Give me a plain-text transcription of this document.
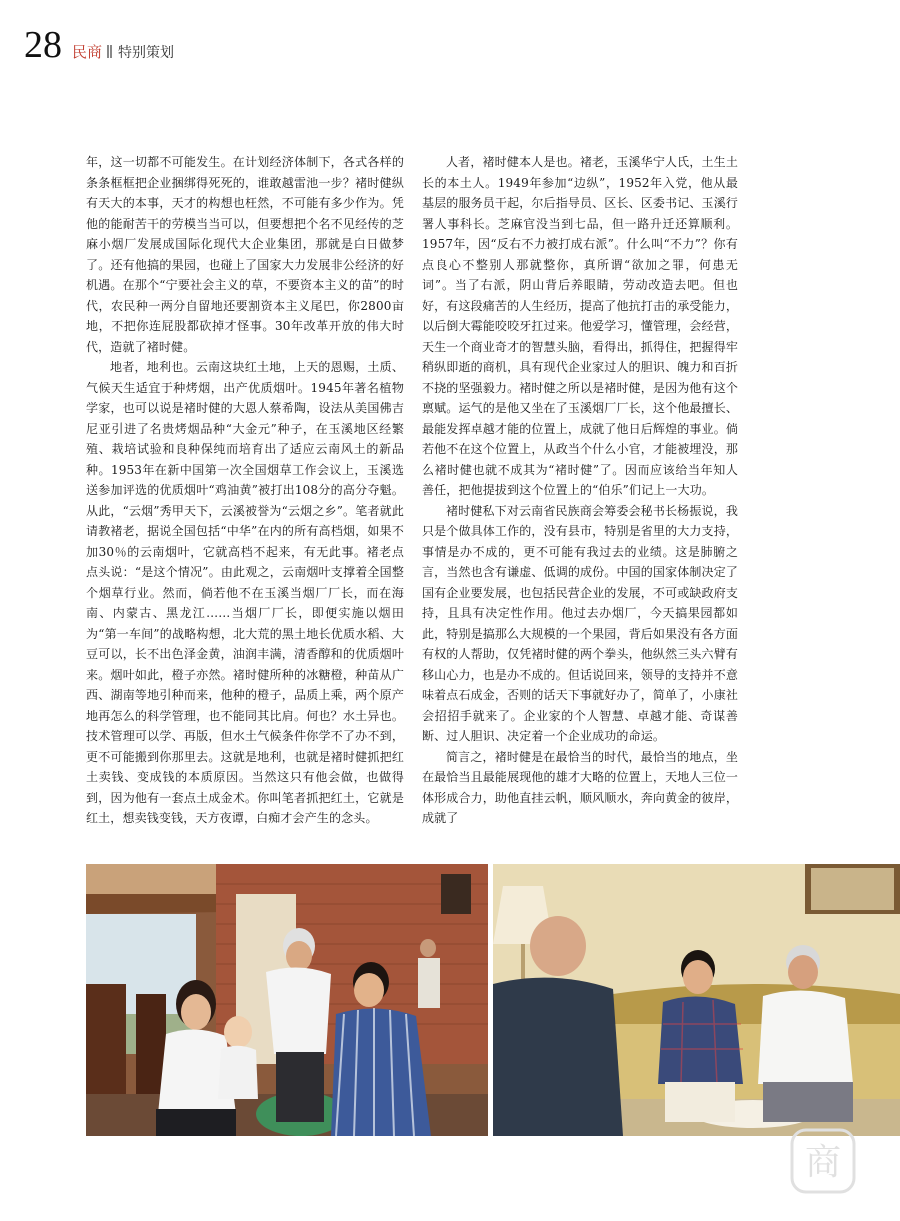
28 民商 特别策划

年，这一切都不可能发生。在计划经济体制下，各式各样的条条框框把企业捆绑得死死的，谁敢越雷池一步？褚时健纵有天大的本事，天才的构想也枉然，不可能有多少作为。凭他的能耐苦干的劳模当当可以，但要想把个名不见经传的芝麻小烟厂发展成国际化现代大企业集团，那就是白日做梦了。还有他搞的果园，也碰上了国家大力发展非公经济的好机遇。在那个“宁要社会主义的草，不要资本主义的苗”的时代，农民种一两分自留地还要割资本主义尾巴，你2800亩地，不把你连屁股都砍掉才怪事。30年改革开放的伟大时代，造就了褚时健。

地者，地利也。云南这块红土地，上天的恩赐，土质、气候天生适宜于种烤烟，出产优质烟叶。1945年著名植物学家，也可以说是褚时健的大恩人蔡希陶，设法从美国佛吉尼亚引进了名贵烤烟品种“大金元”种子，在玉溪地区经繁殖、栽培试验和良种保纯而培育出了适应云南风土的新品种。1953年在新中国第一次全国烟草工作会议上，玉溪选送参加评选的优质烟叶“鸡油黄”被打出108分的高分夺魁。从此，“云烟”秀甲天下，云溪被誉为“云烟之乡”。笔者就此请教褚老，据说全国包括“中华”在内的所有高档烟，如果不加30％的云南烟叶，它就高档不起来，有无此事。褚老点点头说：“是这个情况”。由此观之，云南烟叶支撑着全国整个烟草行业。然而，倘若他不在玉溪当烟厂厂长，而在海南、内蒙古、黑龙江……当烟厂厂长，即便实施以烟田为“第一车间”的战略构想，北大荒的黑土地长优质水稻、大豆可以，长不出色泽金黄，油润丰满，清香醇和的优质烟叶来。烟叶如此，橙子亦然。褚时健所种的冰糖橙，种苗从广西、湖南等地引种而来，他种的橙子，品质上乘，两个原产地再怎么的科学管理，也不能同其比肩。何也？水土异也。技术管理可以学、再版，但水土气候条件你学不了办不到，更不可能搬到你那里去。这就是地利，也就是褚时健抓把红土卖钱、变成钱的本质原因。当然这只有他会做，也做得到，因为他有一套点土成金术。你叫笔者抓把红土，它就是红土，想卖钱变钱，天方夜谭，白痴才会产生的念头。

人者，褚时健本人是也。褚老，玉溪华宁人氏，土生土长的本土人。1949年参加“边纵”，1952年入党，他从最基层的服务员干起，尔后指导员、区长、区委书记、玉溪行署人事科长。芝麻官没当到七品，但一路升迁还算顺利。1957年，因“反右不力被打成右派”。什么叫“不力”？你有点良心不整别人那就整你，真所谓“欲加之罪，何患无词”。当了右派，阴山背后养眼睛，劳动改造去吧。但也好，有这段痛苦的人生经历，提高了他抗打击的承受能力，以后倒大霉能咬咬牙扛过来。他爱学习，懂管理，会经营，天生一个商业奇才的智慧头脑，看得出，抓得住，把握得牢稍纵即逝的商机，具有现代企业家过人的胆识、魄力和百折不挠的坚强毅力。褚时健之所以是褚时健，是因为他有这个禀赋。运气的是他又坐在了玉溪烟厂厂长，这个他最擅长、最能发挥卓越才能的位置上，成就了他日后辉煌的事业。倘若他不在这个位置上，从政当个什么小官，才能被埋没，那么褚时健也就不成其为“褚时健”了。因而应该给当年知人善任，把他提拔到这个位置上的“伯乐”们记上一大功。

褚时健私下对云南省民族商会筹委会秘书长杨振说，我只是个做具体工作的，没有县市，特别是省里的大力支持，事情是办不成的，更不可能有我过去的业绩。这是肺腑之言，当然也含有谦虚、低调的成份。中国的国家体制决定了国有企业要发展，也包括民营企业的发展，不可或缺政府支持，且具有决定性作用。他过去办烟厂，今天搞果园都如此，特别是搞那么大规模的一个果园，背后如果没有各方面有权的人帮助，仅凭褚时健的两个拳头，他纵然三头六臂有移山心力，也是办不成的。但话说回来，领导的支持并不意味着点石成金，否则的话天下事就好办了，简单了，小康社会招招手就来了。企业家的个人智慧、卓越才能、奇谋善断、过人胆识、决定着一个企业成功的命运。

简言之，褚时健是在最恰当的时代，最恰当的地点，坐在最恰当且最能展现他的雄才大略的位置上，天地人三位一体形成合力，助他直挂云帆，顺风顺水，奔向黄金的彼岸，成就了

商
